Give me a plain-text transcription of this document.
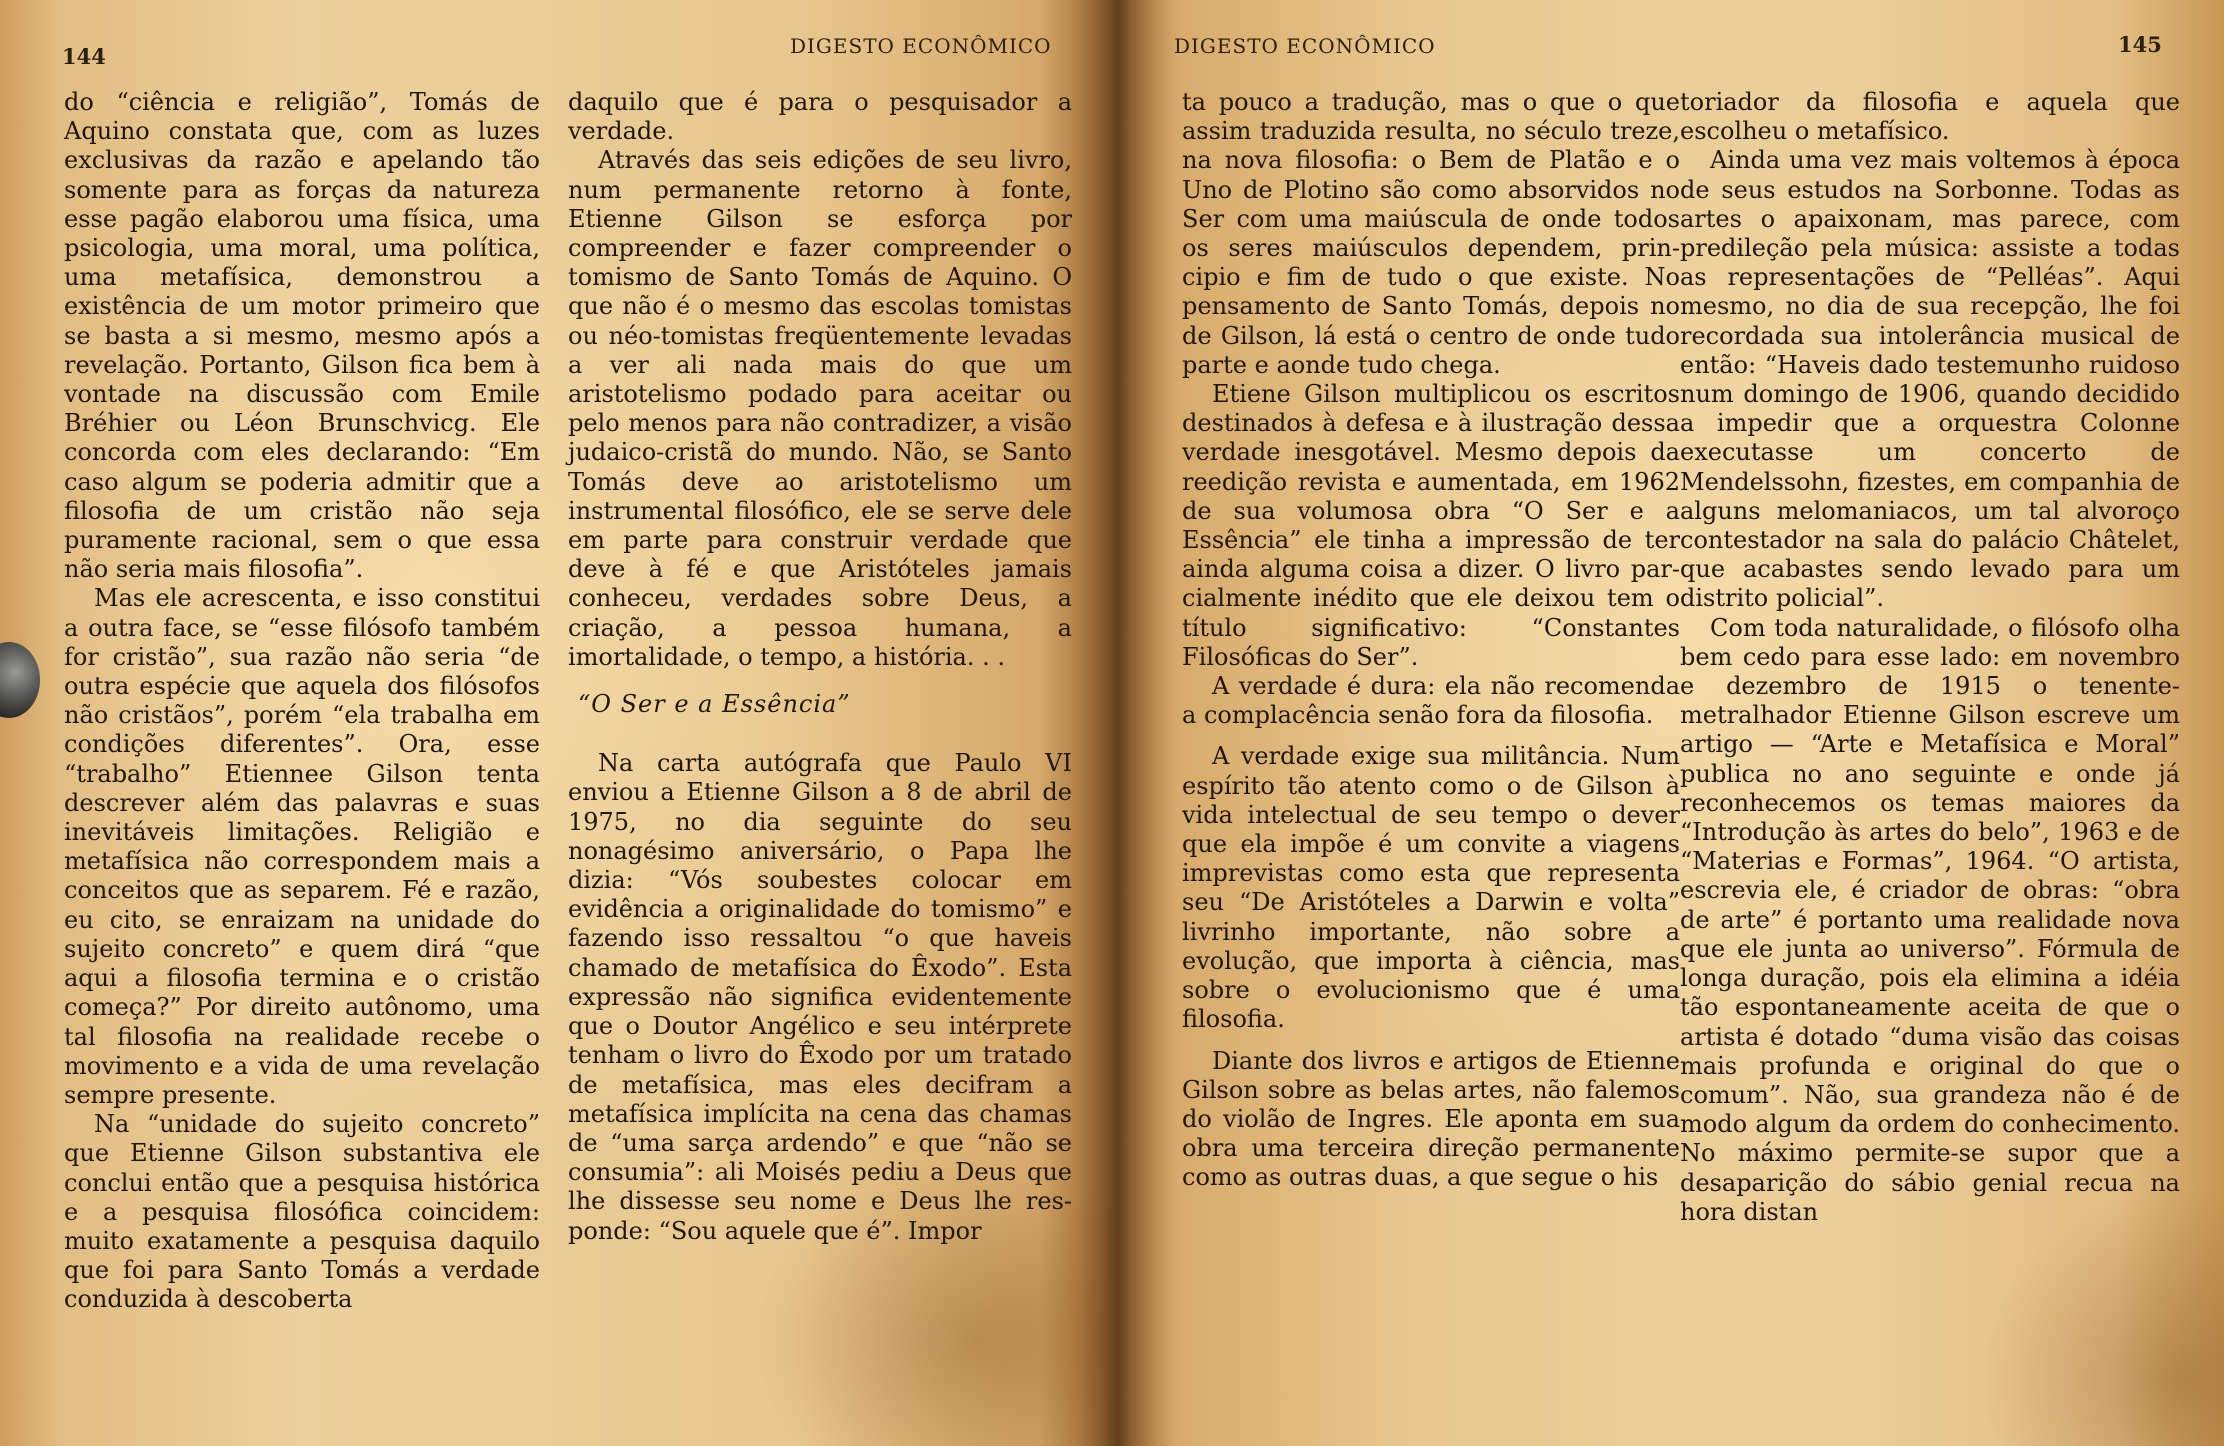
144	DIGESTO ECONÔMICO

do “ciência e religião”, Tomás de Aquino constata que, com as luzes exclusivas da razão e apelando tão somente para as forças da natureza esse pagão elaborou uma física, uma psicologia, uma moral, uma política, uma metafísica, demonstrou a existência de um motor primeiro que se basta a si mesmo, mesmo após a revelação. Portanto, Gilson fica bem à vontade na discussão com Emile Bréhier ou Léon Brunschvicg. Ele concorda com eles declarando: “Em caso algum se poderia admitir que a filosofia de um cristão não seja puramente racional, sem o que essa não seria mais filosofia”.

Mas ele acrescenta, e isso constitui a outra face, se “esse filósofo também for cristão”, sua razão não seria “de outra espécie que aquela dos filósofos não cristãos”, porém “ela trabalha em condições diferentes”. Ora, esse “trabalho” Etiennee Gilson tenta descrever além das palavras e suas inevitáveis limitações. Religião e metafísica não correspondem mais a conceitos que as separem. Fé e razão, eu cito, se enraizam na unidade do sujeito concreto” e quem dirá “que aqui a filosofia termina e o cristão começa?” Por direito autônomo, uma tal filosofia na realidade recebe o movimento e a vida de uma revelação sempre presente.

Na “unidade do sujeito concreto” que Etienne Gilson substantiva ele conclui então que a pesquisa histórica e a pesquisa filosófica coincidem: muito exatamente a pesquisa daquilo que foi para Santo Tomás a verdade conduzida à descoberta

daquilo que é para o pesquisador a verdade.

Através das seis edições de seu livro, num permanente retorno à fonte, Etienne Gilson se esforça por compreender e fazer compreender o tomismo de Santo Tomás de Aquino. O que não é o mesmo das escolas tomistas ou néo-tomistas freqüentemente levadas a ver ali nada mais do que um aristotelismo podado para aceitar ou pelo menos para não contradizer, a visão judaico-cristã do mundo. Não, se Santo Tomás deve ao aristotelismo um instrumental filosófico, ele se serve dele em parte para construir verdade que deve à fé e que Aristóteles jamais conheceu, verdades sobre Deus, a criação, a pessoa humana, a imortalidade, o tempo, a história. . .

“O Ser e a Essência”

Na carta autógrafa que Paulo VI enviou a Etienne Gilson a 8 de abril de 1975, no dia seguinte do seu nonagésimo aniversário, o Papa lhe dizia: “Vós soubestes colocar em evidência a originalidade do tomismo” e fazendo isso ressaltou “o que haveis chamado de metafísica do Êxodo”. Esta expressão não significa evidentemente que o Doutor Angélico e seu intérprete tenham o livro do Êxodo por um tratado de metafísica, mas eles decifram a metafísica implícita na cena das chamas de “uma sarça ardendo” e que “não se consumia”: ali Moisés pediu a Deus que lhe dissesse seu nome e Deus lhe responde: “Sou aquele que é”. Impor

DIGESTO ECONÔMICO	145

ta pouco a tradução, mas o que o que assim traduzida resulta, no século treze, na nova filosofia: o Bem de Platão e o Uno de Plotino são como absorvidos no Ser com uma maiúscula de onde todos os seres maiúsculos dependem, principio e fim de tudo o que existe. No pensamento de Santo Tomás, depois no de Gilson, lá está o centro de onde tudo parte e aonde tudo chega.

Etiene Gilson multiplicou os escritos destinados à defesa e à ilustração dessa verdade inesgotável. Mesmo depois da reedição revista e aumentada, em 1962 de sua volumosa obra “O Ser e a Essência” ele tinha a impressão de ter ainda alguma coisa a dizer. O livro parcialmente inédito que ele deixou tem o título significativo: “Constantes Filosóficas do Ser”.

A verdade é dura: ela não recomenda a complacência senão fora da filosofia.

A verdade exige sua militância. Num espírito tão atento como o de Gilson à vida intelectual de seu tempo o dever que ela impõe é um convite a viagens imprevistas como esta que representa seu “De Aristóteles a Darwin e volta” livrinho importante, não sobre a evolução, que importa à ciência, mas sobre o evolucionismo que é uma filosofia.

Diante dos livros e artigos de Etienne Gilson sobre as belas artes, não falemos do violão de Ingres. Ele aponta em sua obra uma terceira direção permanente como as outras duas, a que segue o his

toriador da filosofia e aquela que escolheu o metafísico.

Ainda uma vez mais voltemos à época de seus estudos na Sorbonne. Todas as artes o apaixonam, mas parece, com predileção pela música: assiste a todas as representações de “Pelléas”. Aqui mesmo, no dia de sua recepção, lhe foi recordada sua intolerância musical de então: “Haveis dado testemunho ruidoso num domingo de 1906, quando decidido a impedir que a orquestra Colonne executasse um concerto de Mendelssohn, fizestes, em companhia de alguns melomaniacos, um tal alvoroço contestador na sala do palácio Châtelet, que acabastes sendo levado para um distrito policial”.

Com toda naturalidade, o filósofo olha bem cedo para esse lado: em novembro e dezembro de 1915 o tenente-metralhador Etienne Gilson escreve um artigo — “Arte e Metafísica e Moral” publica no ano seguinte e onde já reconhecemos os temas maiores da “Introdução às artes do belo”, 1963 e de “Materias e Formas”, 1964. “O artista, escrevia ele, é criador de obras: “obra de arte” é portanto uma realidade nova que ele junta ao universo”. Fórmula de longa duração, pois ela elimina a idéia tão espontaneamente aceita de que o artista é dotado “duma visão das coisas mais profunda e original do que o comum”. Não, sua grandeza não é de modo algum da ordem do conhecimento. No máximo permite-se supor que a desaparição do sábio genial recua na hora distan
